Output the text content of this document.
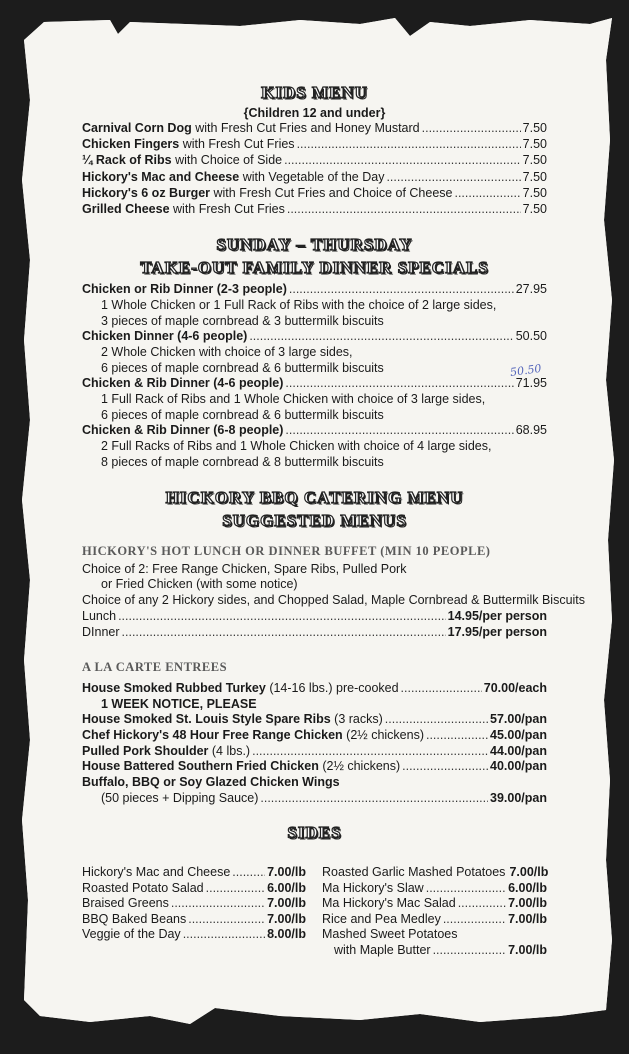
KIDS MENU
{Children 12 and under}
Carnival Corn Dog with Fresh Cut Fries and Honey Mustard .....	7.50
Chicken Fingers with Fresh Cut Fries .....	7.50
¼ Rack of Ribs with Choice of Side .....	7.50
Hickory's Mac and Cheese with Vegetable of the Day .....	7.50
Hickory's 6 oz Burger with Fresh Cut Fries and Choice of Cheese .....	7.50
Grilled Cheese with Fresh Cut Fries .....	7.50
SUNDAY – THURSDAY
TAKE-OUT FAMILY DINNER SPECIALS
Chicken or Rib Dinner (2-3 people) .....	27.95
1 Whole Chicken or 1 Full Rack of Ribs with the choice of 2 large sides,
3 pieces of maple cornbread & 3 buttermilk biscuits
Chicken Dinner (4-6 people) .....	50.50
2 Whole Chicken with choice of 3 large sides,
6 pieces of maple cornbread & 6 buttermilk biscuits
Chicken & Rib Dinner (4-6 people) .....	71.95
1 Full Rack of Ribs and 1 Whole Chicken with choice of 3 large sides,
6 pieces of maple cornbread & 6 buttermilk biscuits
Chicken & Rib Dinner (6-8 people) .....	68.95
2 Full Racks of Ribs and 1 Whole Chicken with choice of 4 large sides,
8 pieces of maple cornbread & 8 buttermilk biscuits
50.50
HICKORY BBQ CATERING MENU
SUGGESTED MENUS
HICKORY'S HOT LUNCH OR DINNER BUFFET (MIN 10 PEOPLE)
Choice of 2: Free Range Chicken, Spare Ribs, Pulled Pork
or Fried Chicken (with some notice)
Choice of any 2 Hickory sides, and Chopped Salad, Maple Cornbread & Buttermilk Biscuits
Lunch .....	14.95/per person
DInner .....	17.95/per person
A LA CARTE ENTREES
House Smoked Rubbed Turkey (14-16 lbs.) pre-cooked .....	70.00/each
House Smoked St. Louis Style Spare Ribs (3 racks) .....	57.00/pan
Chef Hickory's 48 Hour Free Range Chicken (2½ chickens) .....	45.00/pan
Pulled Pork Shoulder (4 lbs.) .....	44.00/pan
House Battered Southern Fried Chicken (2½ chickens) .....	40.00/pan
1 WEEK NOTICE, PLEASE
Buffalo, BBQ or Soy Glazed Chicken Wings
(50 pieces + Dipping Sauce) .....	39.00/pan
SIDES
Hickory's Mac and Cheese .....	7.00/lb
Roasted Potato Salad .....	6.00/lb
Braised Greens .....	7.00/lb
BBQ Baked Beans .....	7.00/lb
Veggie of the Day .....	8.00/lb
Roasted Garlic Mashed Potatoes 7.00/lb
Ma Hickory's Slaw .....	6.00/lb
Ma Hickory's Mac Salad .....	7.00/lb
Rice and Pea Medley .....	7.00/lb
Mashed Sweet Potatoes
with Maple Butter .....	7.00/lb
